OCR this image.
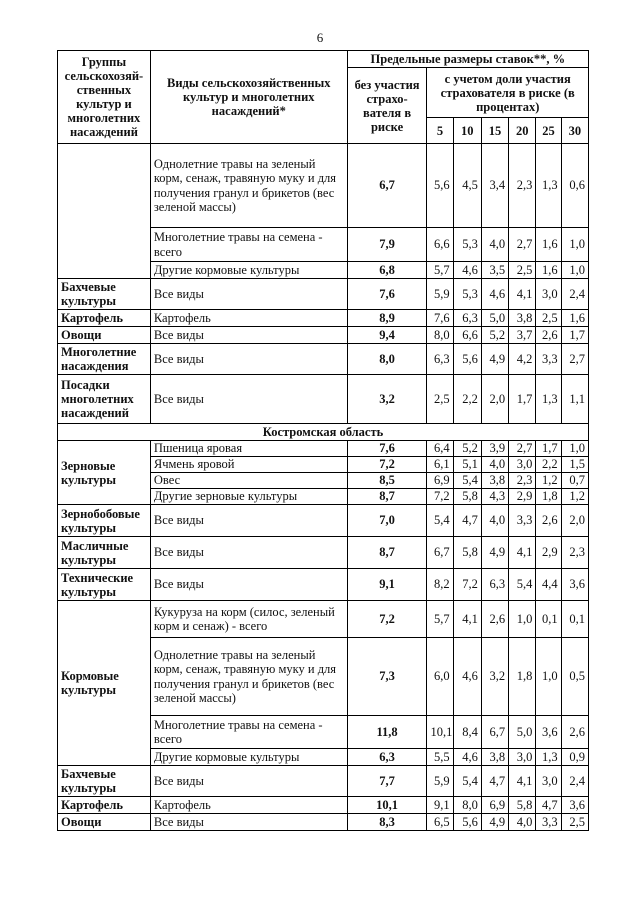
6
Группы сельскохозяй-ственных культур и многолетних насаждений	Виды сельскохозяйственных культур и многолетних насаждений*	Предельные размеры ставок**, %						
		без участия страхо-вателя в риске	с учетом доли участия страхователя в риске (в процентах)					
			5	10	15	20	25	30
	Однолетние травы на зеленый корм, сенаж, травяную муку и для получения гранул и брикетов (вес зеленой массы)	6,7	5,6	4,5	3,4	2,3	1,3	0,6
	Многолетние травы на семена - всего	7,9	6,6	5,3	4,0	2,7	1,6	1,0
	Другие кормовые культуры	6,8	5,7	4,6	3,5	2,5	1,6	1,0
Бахчевые культуры	Все виды	7,6	5,9	5,3	4,6	4,1	3,0	2,4
Картофель	Картофель	8,9	7,6	6,3	5,0	3,8	2,5	1,6
Овощи	Все виды	9,4	8,0	6,6	5,2	3,7	2,6	1,7
Многолетние насаждения	Все виды	8,0	6,3	5,6	4,9	4,2	3,3	2,7
Посадки многолетних насаждений	Все виды	3,2	2,5	2,2	2,0	1,7	1,3	1,1
Костромская область								
Зерновые культуры	Пшеница яровая	7,6	6,4	5,2	3,9	2,7	1,7	1,0
	Ячмень яровой	7,2	6,1	5,1	4,0	3,0	2,2	1,5
	Овес	8,5	6,9	5,4	3,8	2,3	1,2	0,7
	Другие зерновые культуры	8,7	7,2	5,8	4,3	2,9	1,8	1,2
Зернобобовые культуры	Все виды	7,0	5,4	4,7	4,0	3,3	2,6	2,0
Масличные культуры	Все виды	8,7	6,7	5,8	4,9	4,1	2,9	2,3
Технические культуры	Все виды	9,1	8,2	7,2	6,3	5,4	4,4	3,6
Кормовые культуры	Кукуруза на корм (силос, зеленый корм и сенаж) - всего	7,2	5,7	4,1	2,6	1,0	0,1	0,1
	Однолетние травы на зеленый корм, сенаж, травяную муку и для получения гранул и брикетов (вес зеленой массы)	7,3	6,0	4,6	3,2	1,8	1,0	0,5
	Многолетние травы на семена - всего	11,8	10,1	8,4	6,7	5,0	3,6	2,6
	Другие кормовые культуры	6,3	5,5	4,6	3,8	3,0	1,3	0,9
Бахчевые культуры	Все виды	7,7	5,9	5,4	4,7	4,1	3,0	2,4
Картофель	Картофель	10,1	9,1	8,0	6,9	5,8	4,7	3,6
Овощи	Все виды	8,3	6,5	5,6	4,9	4,0	3,3	2,5
